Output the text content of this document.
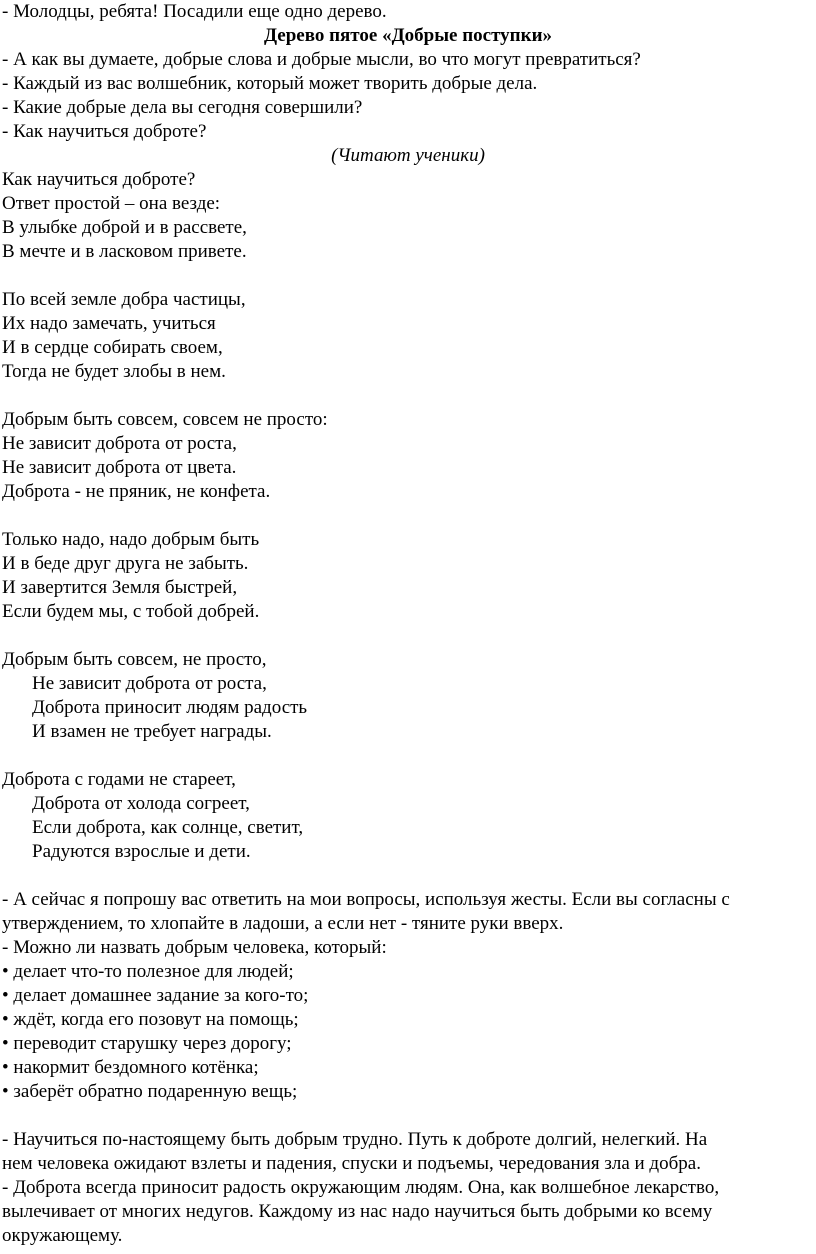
- Молодцы, ребята! Посадили еще одно дерево.
Дерево пятое «Добрые поступки»
- А как вы думаете, добрые слова и добрые мысли, во что могут превратиться?
- Каждый из вас волшебник, который может творить добрые дела.
- Какие добрые дела вы сегодня совершили?
- Как научиться доброте?
(Читают ученики)
Как научиться доброте?
Ответ простой – она везде:
В улыбке доброй и в рассвете,
В мечте и в ласковом привете.
По всей земле добра частицы,
Их надо замечать, учиться
И в сердце собирать своем,
Тогда не будет злобы в нем.
Добрым быть совсем, совсем не просто:
Не зависит доброта от роста,
Не зависит доброта от цвета.
Доброта - не пряник, не конфета.
Только надо, надо добрым быть
И в беде друг друга не забыть.
И завертится Земля быстрей,
Если будем мы, с тобой добрей.
Добрым быть совсем, не просто,
Не зависит доброта от роста,
Доброта приносит людям радость
И взамен не требует награды.
Доброта с годами не стареет,
Доброта от холода согреет,
Если доброта, как солнце, светит,
Радуются взрослые и дети.
- А сейчас я попрошу вас ответить на мои вопросы, используя жесты. Если вы согласны с
утверждением, то хлопайте в ладоши, а если нет - тяните руки вверх.
- Можно ли назвать добрым человека, который:
• делает что-то полезное для людей;
• делает домашнее задание за кого-то;
• ждёт, когда его позовут на помощь;
• переводит старушку через дорогу;
• накормит бездомного котёнка;
• заберёт обратно подаренную вещь;
- Научиться по-настоящему быть добрым трудно. Путь к доброте долгий, нелегкий. На
нем человека ожидают взлеты и падения, спуски и подъемы, чередования зла и добра.
- Доброта всегда приносит радость окружающим людям. Она, как волшебное лекарство,
вылечивает от многих недугов. Каждому из нас надо научиться быть добрыми ко всему
окружающему.
